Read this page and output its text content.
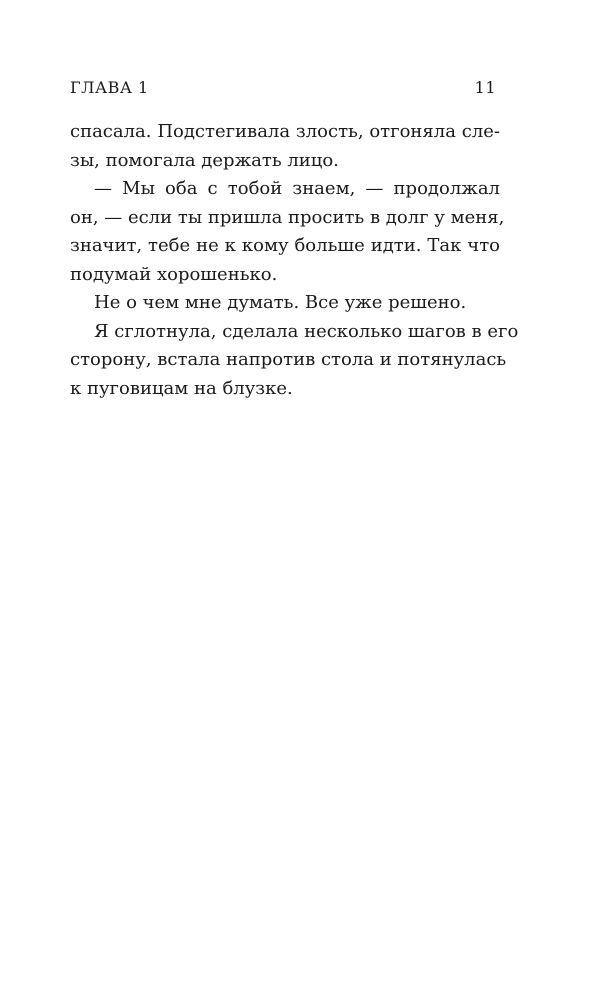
ГЛАВА 1	11
спасала. Подстегивала злость, отгоняла сле-
зы, помогала держать лицо.
— Мы оба с тобой знаем, — продолжал
он, — если ты пришла просить в долг у меня,
значит, тебе не к кому больше идти. Так что
подумай хорошенько.
Не о чем мне думать. Все уже решено.
Я сглотнула, сделала несколько шагов в его
сторону, встала напротив стола и потянулась
к пуговицам на блузке.
